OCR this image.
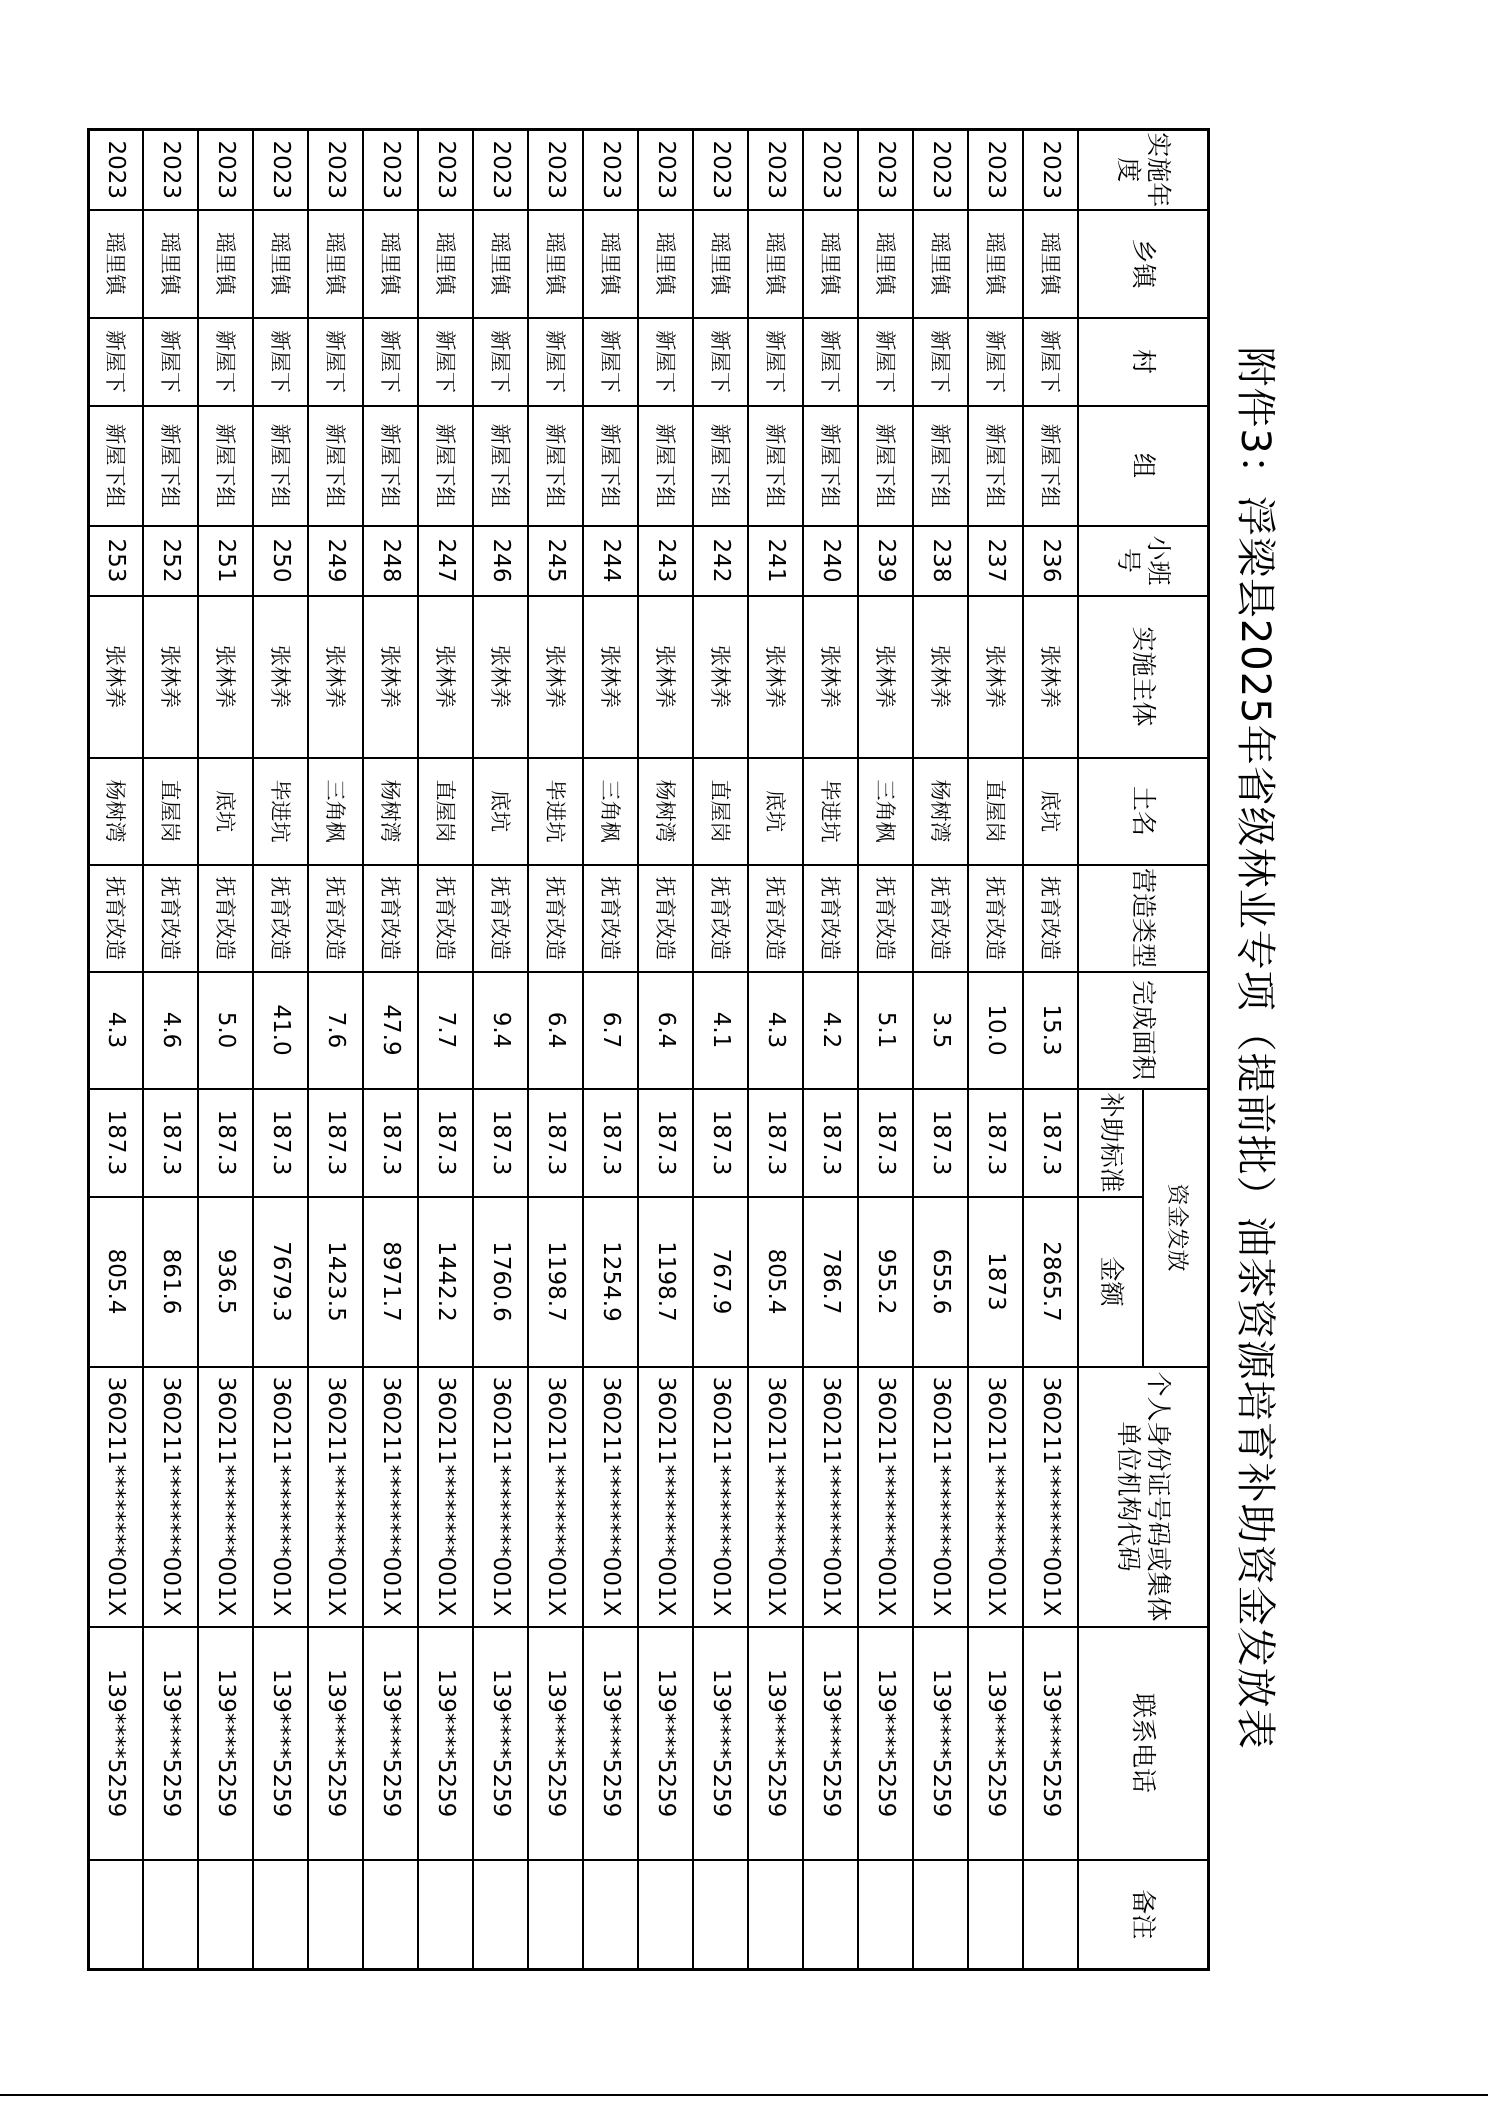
附件3：浮梁县2025年省级林业专项（提前批）油茶资源培育补助资金发放表
实施年度	乡镇	村	组	小班号	实施主体	土名	营造类型	完成面积	资金发放		个人身份证号码或集体单位机构代码	联系电话	备注
									补助标准	金额			
2023	瑶里镇	新屋下	新屋下组	236	张林养	底坑	抚育改造	15.3	187.3	2865.7	360211********001X	139****5259	
2023	瑶里镇	新屋下	新屋下组	237	张林养	直屋岗	抚育改造	10.0	187.3	1873	360211********001X	139****5259	
2023	瑶里镇	新屋下	新屋下组	238	张林养	杨树湾	抚育改造	3.5	187.3	655.6	360211********001X	139****5259	
2023	瑶里镇	新屋下	新屋下组	239	张林养	三角枫	抚育改造	5.1	187.3	955.2	360211********001X	139****5259	
2023	瑶里镇	新屋下	新屋下组	240	张林养	毕进坑	抚育改造	4.2	187.3	786.7	360211********001X	139****5259	
2023	瑶里镇	新屋下	新屋下组	241	张林养	底坑	抚育改造	4.3	187.3	805.4	360211********001X	139****5259	
2023	瑶里镇	新屋下	新屋下组	242	张林养	直屋岗	抚育改造	4.1	187.3	767.9	360211********001X	139****5259	
2023	瑶里镇	新屋下	新屋下组	243	张林养	杨树湾	抚育改造	6.4	187.3	1198.7	360211********001X	139****5259	
2023	瑶里镇	新屋下	新屋下组	244	张林养	三角枫	抚育改造	6.7	187.3	1254.9	360211********001X	139****5259	
2023	瑶里镇	新屋下	新屋下组	245	张林养	毕进坑	抚育改造	6.4	187.3	1198.7	360211********001X	139****5259	
2023	瑶里镇	新屋下	新屋下组	246	张林养	底坑	抚育改造	9.4	187.3	1760.6	360211********001X	139****5259	
2023	瑶里镇	新屋下	新屋下组	247	张林养	直屋岗	抚育改造	7.7	187.3	1442.2	360211********001X	139****5259	
2023	瑶里镇	新屋下	新屋下组	248	张林养	杨树湾	抚育改造	47.9	187.3	8971.7	360211********001X	139****5259	
2023	瑶里镇	新屋下	新屋下组	249	张林养	三角枫	抚育改造	7.6	187.3	1423.5	360211********001X	139****5259	
2023	瑶里镇	新屋下	新屋下组	250	张林养	毕进坑	抚育改造	41.0	187.3	7679.3	360211********001X	139****5259	
2023	瑶里镇	新屋下	新屋下组	251	张林养	底坑	抚育改造	5.0	187.3	936.5	360211********001X	139****5259	
2023	瑶里镇	新屋下	新屋下组	252	张林养	直屋岗	抚育改造	4.6	187.3	861.6	360211********001X	139****5259	
2023	瑶里镇	新屋下	新屋下组	253	张林养	杨树湾	抚育改造	4.3	187.3	805.4	360211********001X	139****5259	
